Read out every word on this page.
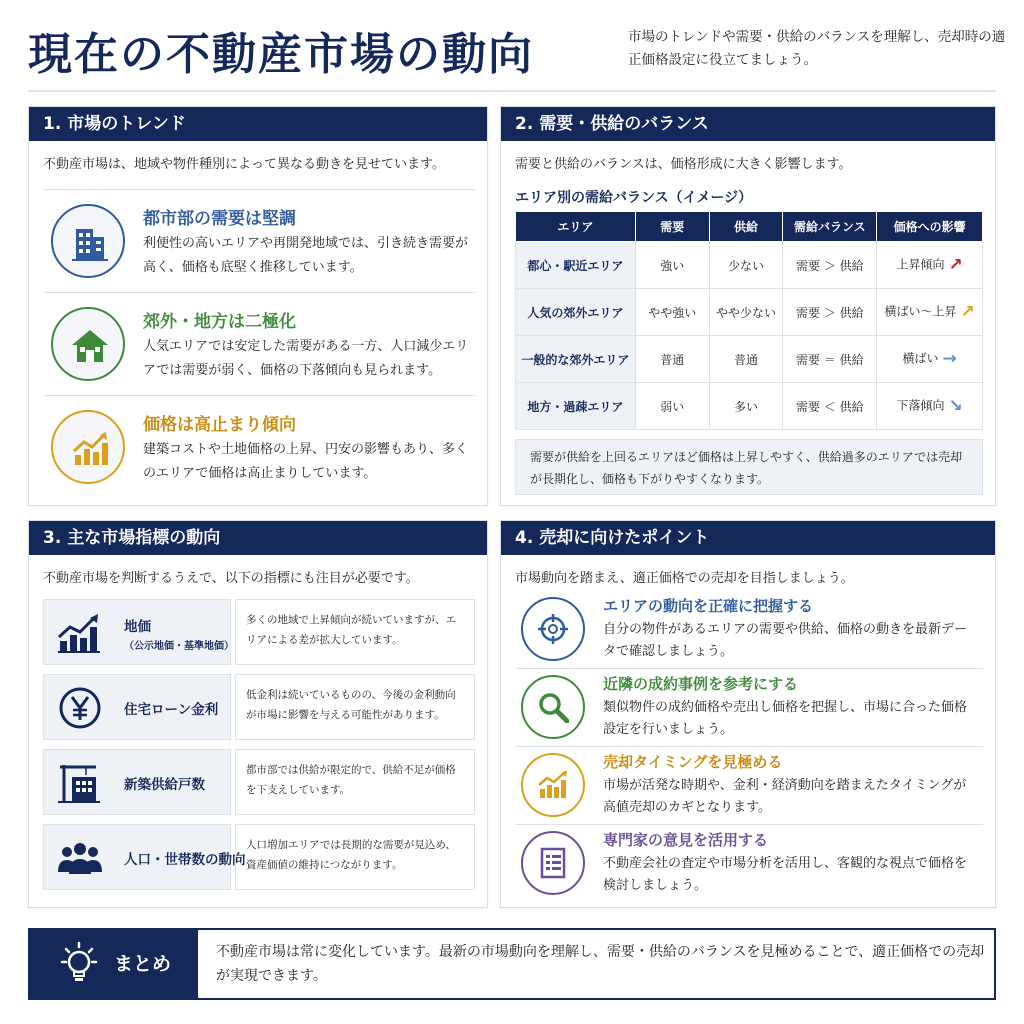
現在の不動産市場の動向	市場のトレンドや需要・供給のバランスを理解し、売却時の適正価格設定に役立てましょう。
1. 市場のトレンド
不動産市場は、地域や物件種別によって異なる動きを見せています。
都市部の需要は堅調
利便性の高いエリアや再開発地域では、引き続き需要が高く、価格も底堅く推移しています。
郊外・地方は二極化
人気エリアでは安定した需要がある一方、人口減少エリアでは需要が弱く、価格の下落傾向も見られます。
価格は高止まり傾向
建築コストや土地価格の上昇、円安の影響もあり、多くのエリアで価格は高止まりしています。
2. 需要・供給のバランス
需要と供給のバランスは、価格形成に大きく影響します。
エリア別の需給バランス（イメージ）
エリア	需要	供給	需給バランス	価格への影響
都心・駅近エリア	強い	少ない	需要 ＞ 供給	上昇傾向 ↗
人気の郊外エリア	やや強い	やや少ない	需要 ＞ 供給	横ばい〜上昇 ↗
一般的な郊外エリア	普通	普通	需要 ＝ 供給	横ばい →
地方・過疎エリア	弱い	多い	需要 ＜ 供給	下落傾向 ↘
需要が供給を上回るエリアほど価格は上昇しやすく、供給過多のエリアでは売却が長期化し、価格も下がりやすくなります。
3. 主な市場指標の動向
不動産市場を判断するうえで、以下の指標にも注目が必要です。
地価
（公示地価・基準地価）
多くの地域で上昇傾向が続いていますが、エリアによる差が拡大しています。
住宅ローン金利
低金利は続いているものの、今後の金利動向が市場に影響を与える可能性があります。
新築供給戸数
都市部では供給が限定的で、供給不足が価格を下支えしています。
人口・世帯数の動向
人口増加エリアでは長期的な需要が見込め、資産価値の維持につながります。
4. 売却に向けたポイント
市場動向を踏まえ、適正価格での売却を目指しましょう。
エリアの動向を正確に把握する
自分の物件があるエリアの需要や供給、価格の動きを最新データで確認しましょう。
近隣の成約事例を参考にする
類似物件の成約価格や売出し価格を把握し、市場に合った価格設定を行いましょう。
売却タイミングを見極める
市場が活発な時期や、金利・経済動向を踏まえたタイミングが高値売却のカギとなります。
専門家の意見を活用する
不動産会社の査定や市場分析を活用し、客観的な視点で価格を検討しましょう。
まとめ
不動産市場は常に変化しています。最新の市場動向を理解し、需要・供給のバランスを見極めることで、適正価格での売却が実現できます。
